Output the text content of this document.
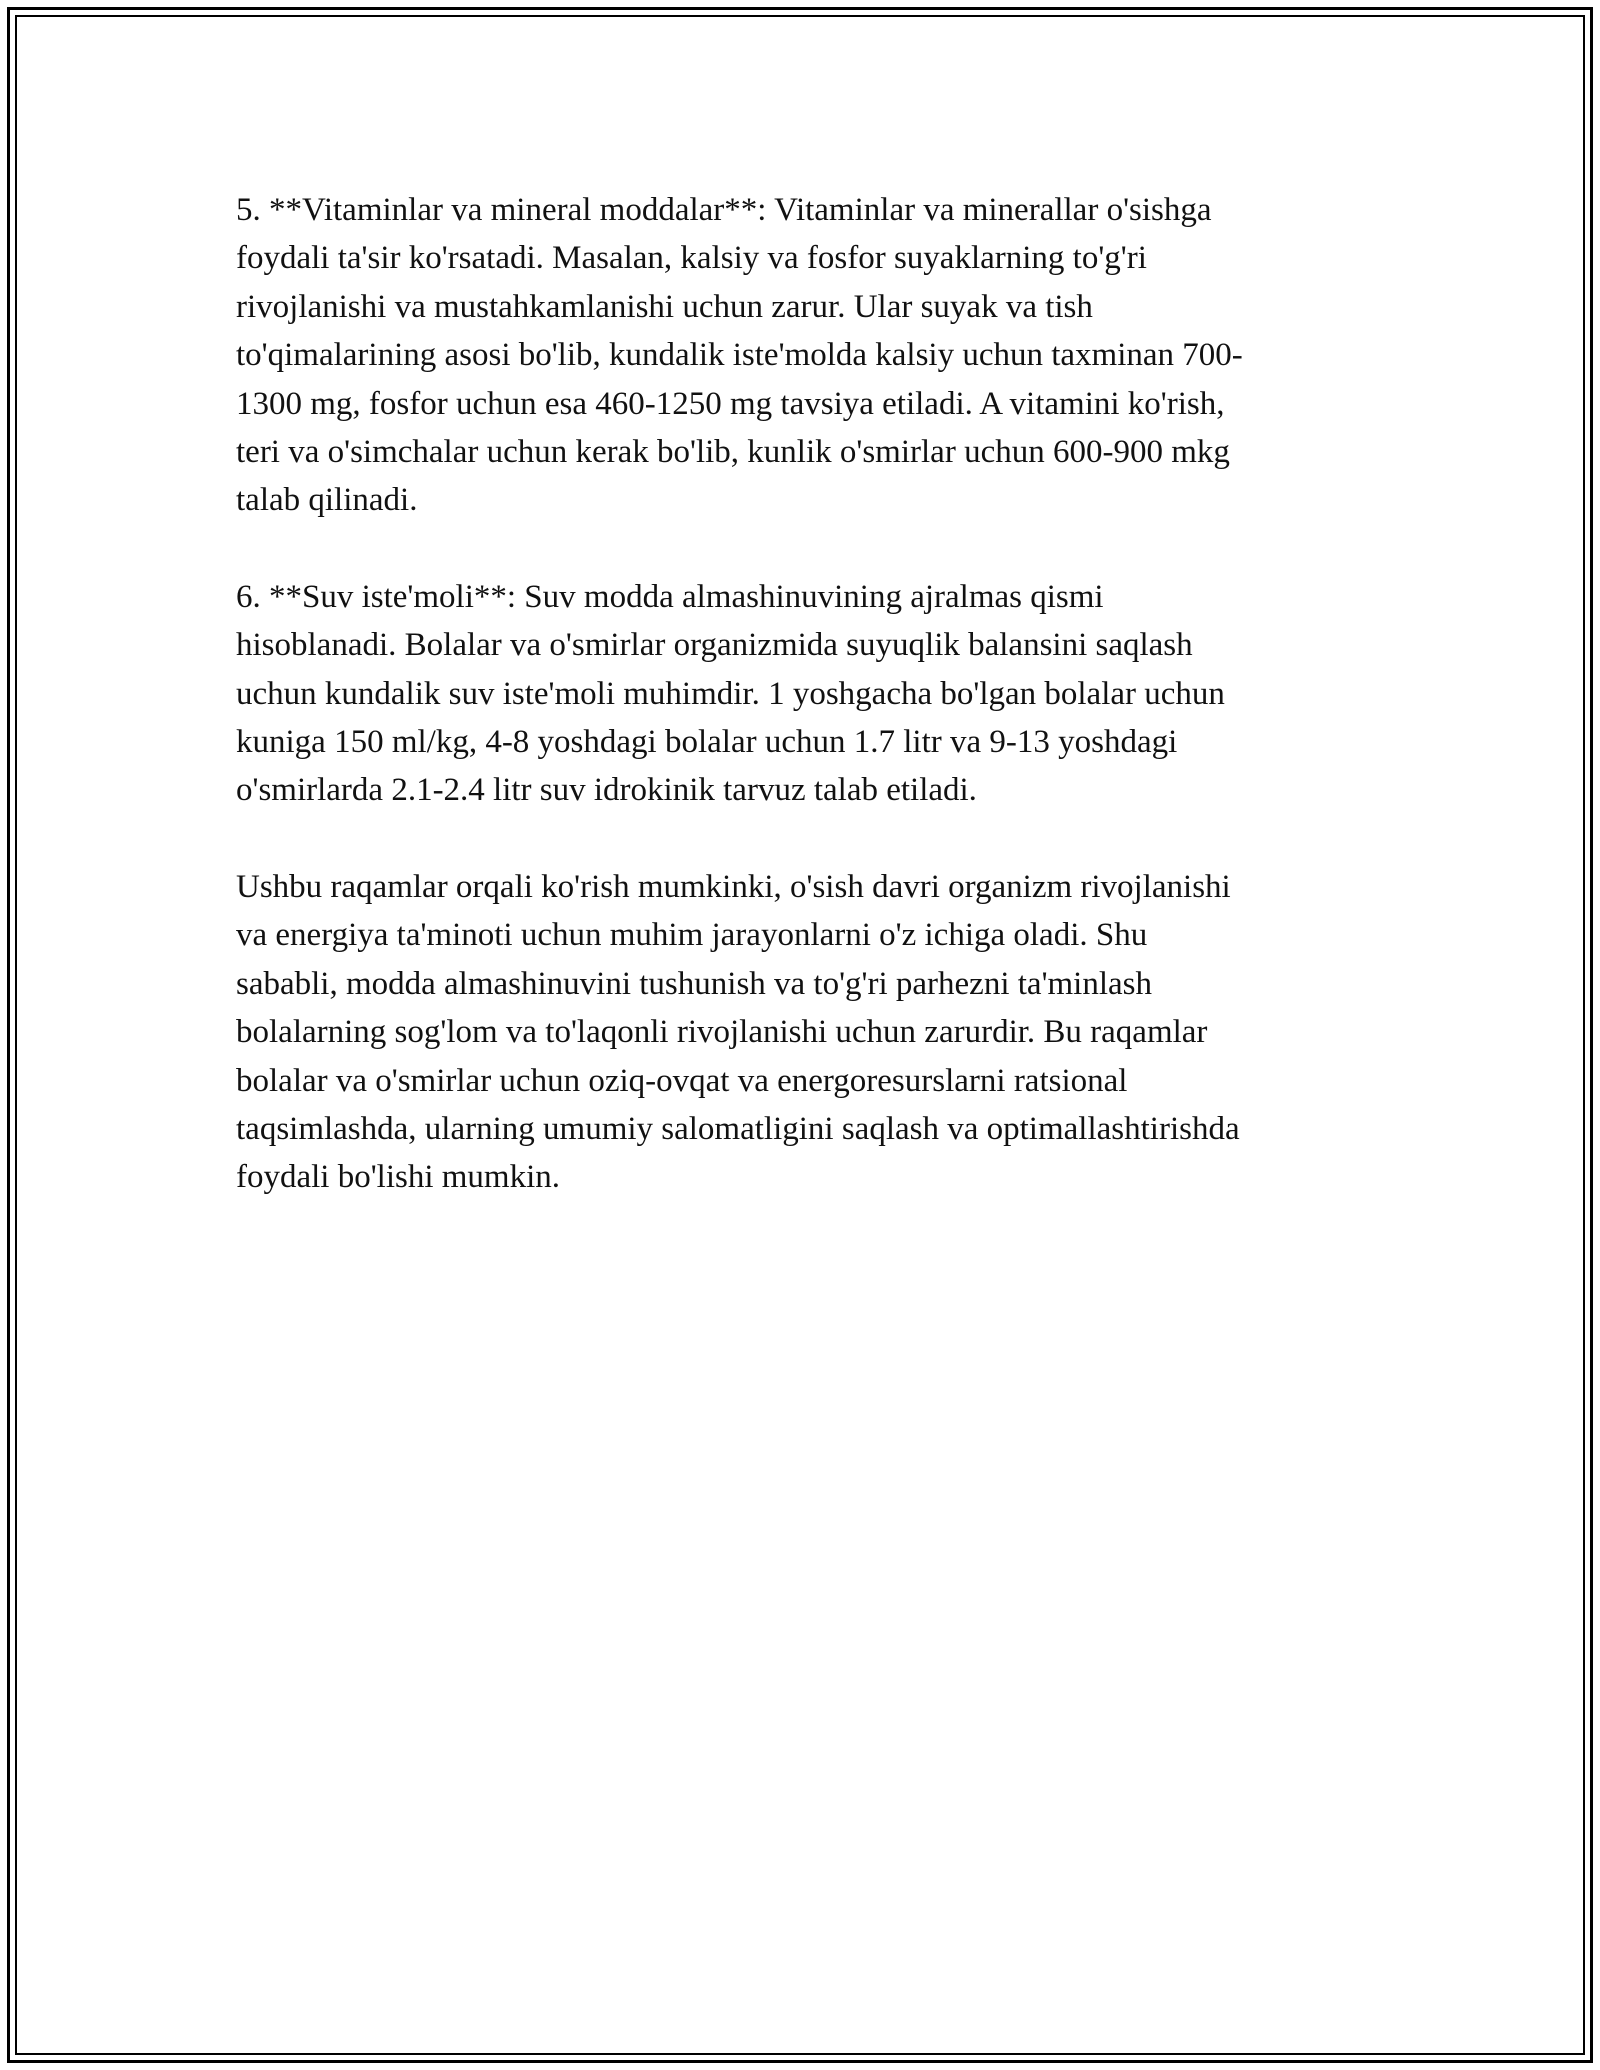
5. **Vitaminlar va mineral moddalar**: Vitaminlar va minerallar o'sishga
foydali ta'sir ko'rsatadi. Masalan, kalsiy va fosfor suyaklarning to'g'ri
rivojlanishi va mustahkamlanishi uchun zarur. Ular suyak va tish
to'qimalarining asosi bo'lib, kundalik iste'molda kalsiy uchun taxminan 700-
1300 mg, fosfor uchun esa 460-1250 mg tavsiya etiladi. A vitamini ko'rish,
teri va o'simchalar uchun kerak bo'lib, kunlik o'smirlar uchun 600-900 mkg
talab qilinadi.

6. **Suv iste'moli**: Suv modda almashinuvining ajralmas qismi
hisoblanadi. Bolalar va o'smirlar organizmida suyuqlik balansini saqlash
uchun kundalik suv iste'moli muhimdir. 1 yoshgacha bo'lgan bolalar uchun
kuniga 150 ml/kg, 4-8 yoshdagi bolalar uchun 1.7 litr va 9-13 yoshdagi
o'smirlarda 2.1-2.4 litr suv idrokinik tarvuz talab etiladi.

Ushbu raqamlar orqali ko'rish mumkinki, o'sish davri organizm rivojlanishi
va energiya ta'minoti uchun muhim jarayonlarni o'z ichiga oladi. Shu
sababli, modda almashinuvini tushunish va to'g'ri parhezni ta'minlash
bolalarning sog'lom va to'laqonli rivojlanishi uchun zarurdir. Bu raqamlar
bolalar va o'smirlar uchun oziq-ovqat va energoresurslarni ratsional
taqsimlashda, ularning umumiy salomatligini saqlash va optimallashtirishda
foydali bo'lishi mumkin.
